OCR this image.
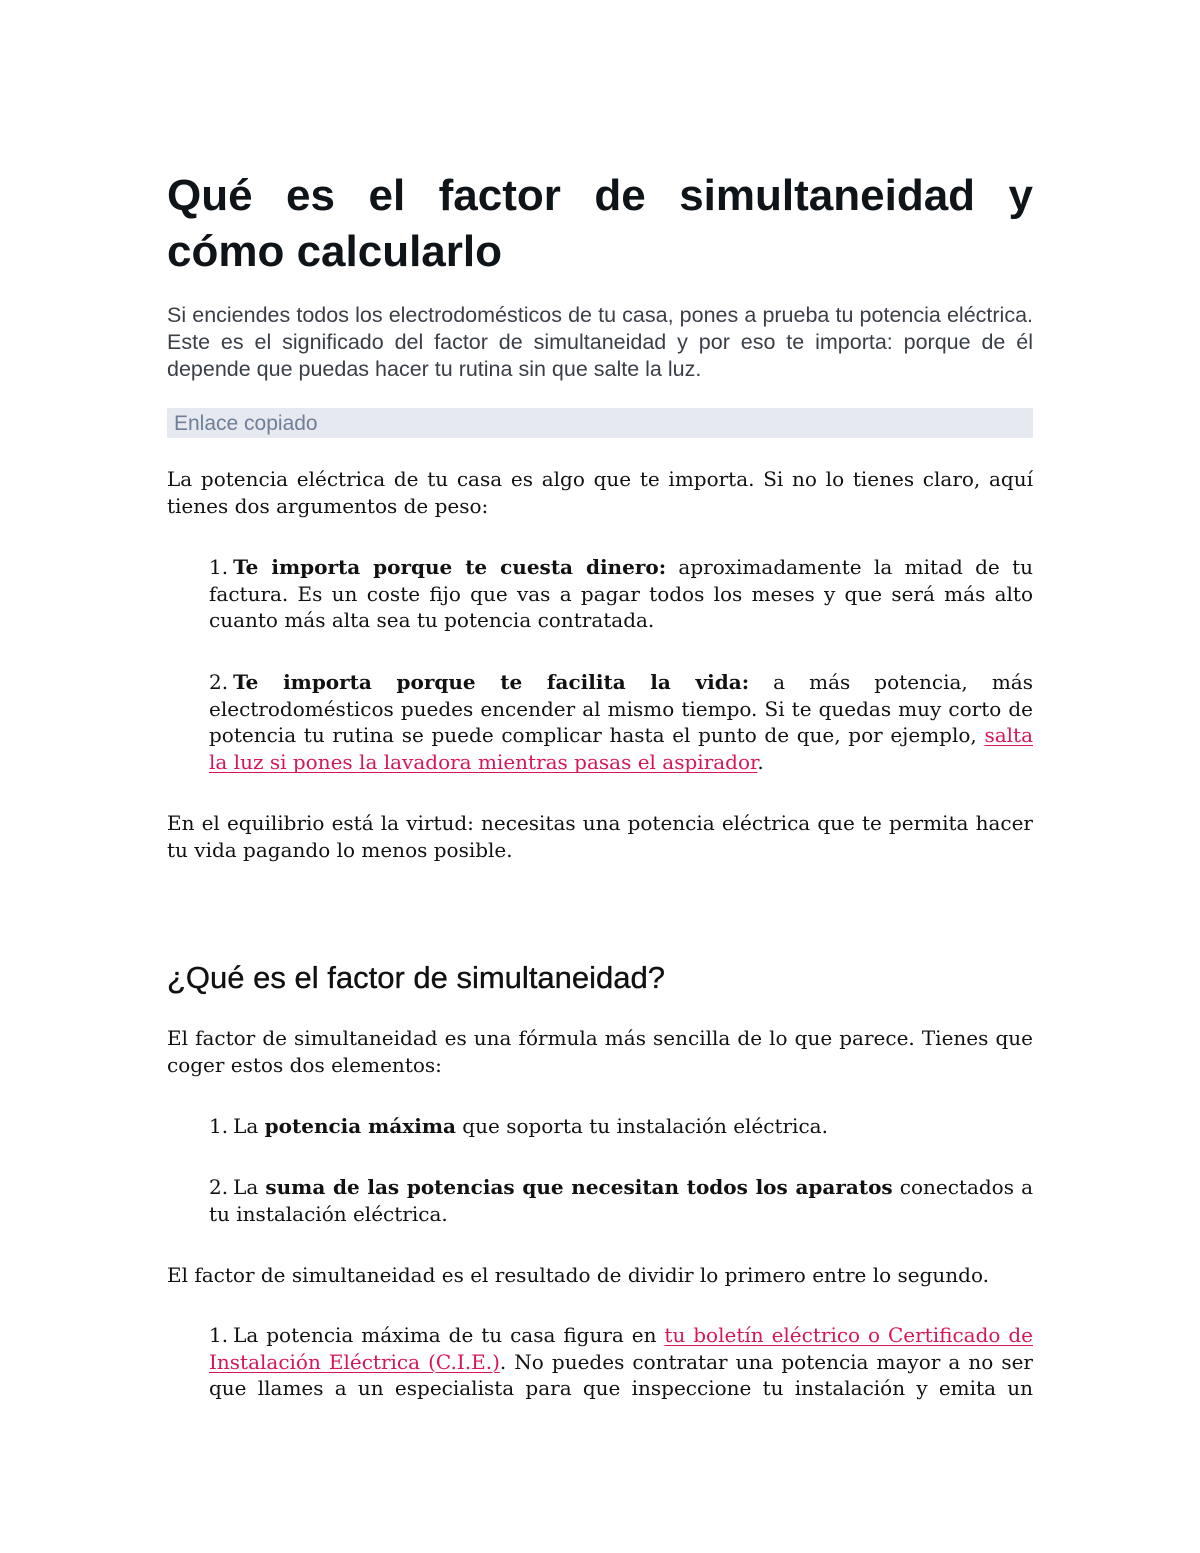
Qué es el factor de simultaneidad y cómo calcularlo

Si enciendes todos los electrodomésticos de tu casa, pones a prueba tu potencia eléctrica. Este es el significado del factor de simultaneidad y por eso te importa: porque de él depende que puedas hacer tu rutina sin que salte la luz.

Enlace copiado

La potencia eléctrica de tu casa es algo que te importa. Si no lo tienes claro, aquí tienes dos argumentos de peso:

1. Te importa porque te cuesta dinero: aproximadamente la mitad de tu factura. Es un coste fijo que vas a pagar todos los meses y que será más alto cuanto más alta sea tu potencia contratada.

2. Te importa porque te facilita la vida: a más potencia, más electrodomésticos puedes encender al mismo tiempo. Si te quedas muy corto de potencia tu rutina se puede complicar hasta el punto de que, por ejemplo, salta la luz si pones la lavadora mientras pasas el aspirador.

En el equilibrio está la virtud: necesitas una potencia eléctrica que te permita hacer tu vida pagando lo menos posible.

¿Qué es el factor de simultaneidad?

El factor de simultaneidad es una fórmula más sencilla de lo que parece. Tienes que coger estos dos elementos:

1. La potencia máxima que soporta tu instalación eléctrica.

2. La suma de las potencias que necesitan todos los aparatos conectados a tu instalación eléctrica.

El factor de simultaneidad es el resultado de dividir lo primero entre lo segundo.

1. La potencia máxima de tu casa figura en tu boletín eléctrico o Certificado de Instalación Eléctrica (C.I.E.). No puedes contratar una potencia mayor a no ser que llames a un especialista para que inspeccione tu instalación y emita un
